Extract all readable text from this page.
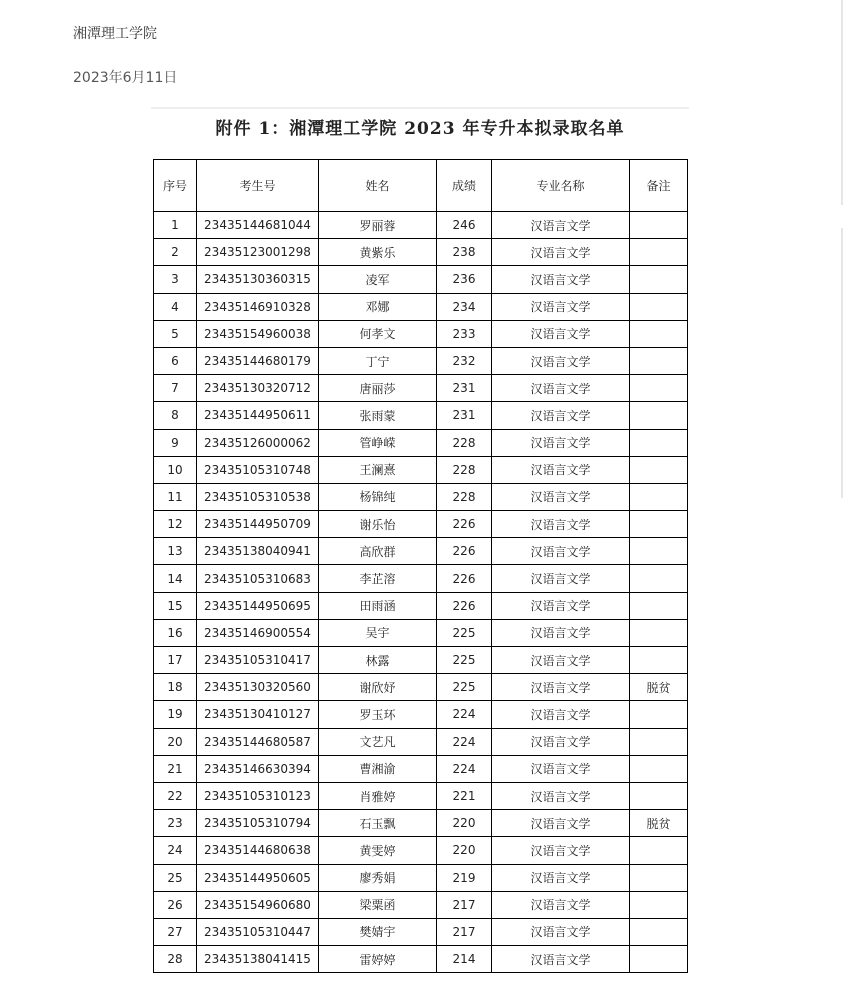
湘潭理工学院
2023年6月11日
附件 1：湘潭理工学院 2023 年专升本拟录取名单
序号	考生号	姓名	成绩	专业名称	备注
1	23435144681044	罗丽蓉	246	汉语言文学	
2	23435123001298	黄紫乐	238	汉语言文学	
3	23435130360315	凌军	236	汉语言文学	
4	23435146910328	邓娜	234	汉语言文学	
5	23435154960038	何孝文	233	汉语言文学	
6	23435144680179	丁宁	232	汉语言文学	
7	23435130320712	唐丽莎	231	汉语言文学	
8	23435144950611	张雨蒙	231	汉语言文学	
9	23435126000062	管峥嵘	228	汉语言文学	
10	23435105310748	王澜熹	228	汉语言文学	
11	23435105310538	杨锦纯	228	汉语言文学	
12	23435144950709	谢乐怡	226	汉语言文学	
13	23435138040941	高欣群	226	汉语言文学	
14	23435105310683	李芷溶	226	汉语言文学	
15	23435144950695	田雨涵	226	汉语言文学	
16	23435146900554	吴宇	225	汉语言文学	
17	23435105310417	林露	225	汉语言文学	
18	23435130320560	谢欣妤	225	汉语言文学	脱贫
19	23435130410127	罗玉环	224	汉语言文学	
20	23435144680587	文艺凡	224	汉语言文学	
21	23435146630394	曹湘渝	224	汉语言文学	
22	23435105310123	肖雅婷	221	汉语言文学	
23	23435105310794	石玉飘	220	汉语言文学	脱贫
24	23435144680638	黄雯婷	220	汉语言文学	
25	23435144950605	廖秀娟	219	汉语言文学	
26	23435154960680	梁粟函	217	汉语言文学	
27	23435105310447	樊婧宇	217	汉语言文学	
28	23435138041415	雷婷婷	214	汉语言文学	
